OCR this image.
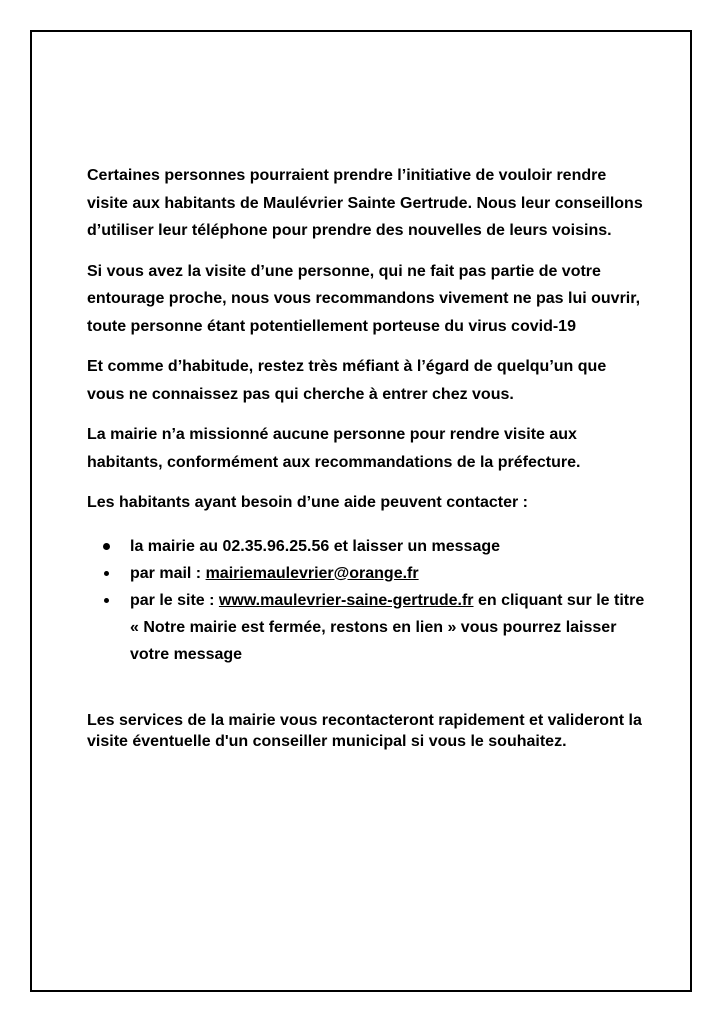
Certaines personnes pourraient prendre l’initiative de vouloir rendre visite aux habitants de Maulévrier Sainte Gertrude. Nous leur conseillons d’utiliser leur téléphone pour prendre des nouvelles de leurs voisins.

Si vous avez la visite d’une personne, qui ne fait pas partie de votre entourage proche, nous vous recommandons vivement ne pas lui ouvrir, toute personne étant potentiellement porteuse du virus covid-19

Et comme d’habitude, restez très méfiant à l’égard de quelqu’un que vous ne connaissez pas qui cherche à entrer chez vous.

La mairie n’a missionné aucune personne pour rendre visite aux habitants, conformément aux recommandations de la préfecture.

Les habitants ayant besoin d’une aide peuvent contacter :

la mairie au 02.35.96.25.56 et laisser un message
par mail : mairiemaulevrier@orange.fr
par le site : www.maulevrier-saine-gertrude.fr en cliquant sur le titre « Notre mairie est fermée, restons en lien » vous pourrez laisser votre message

Les services de la mairie vous recontacteront rapidement et valideront la visite éventuelle d'un conseiller municipal si vous le souhaitez.
